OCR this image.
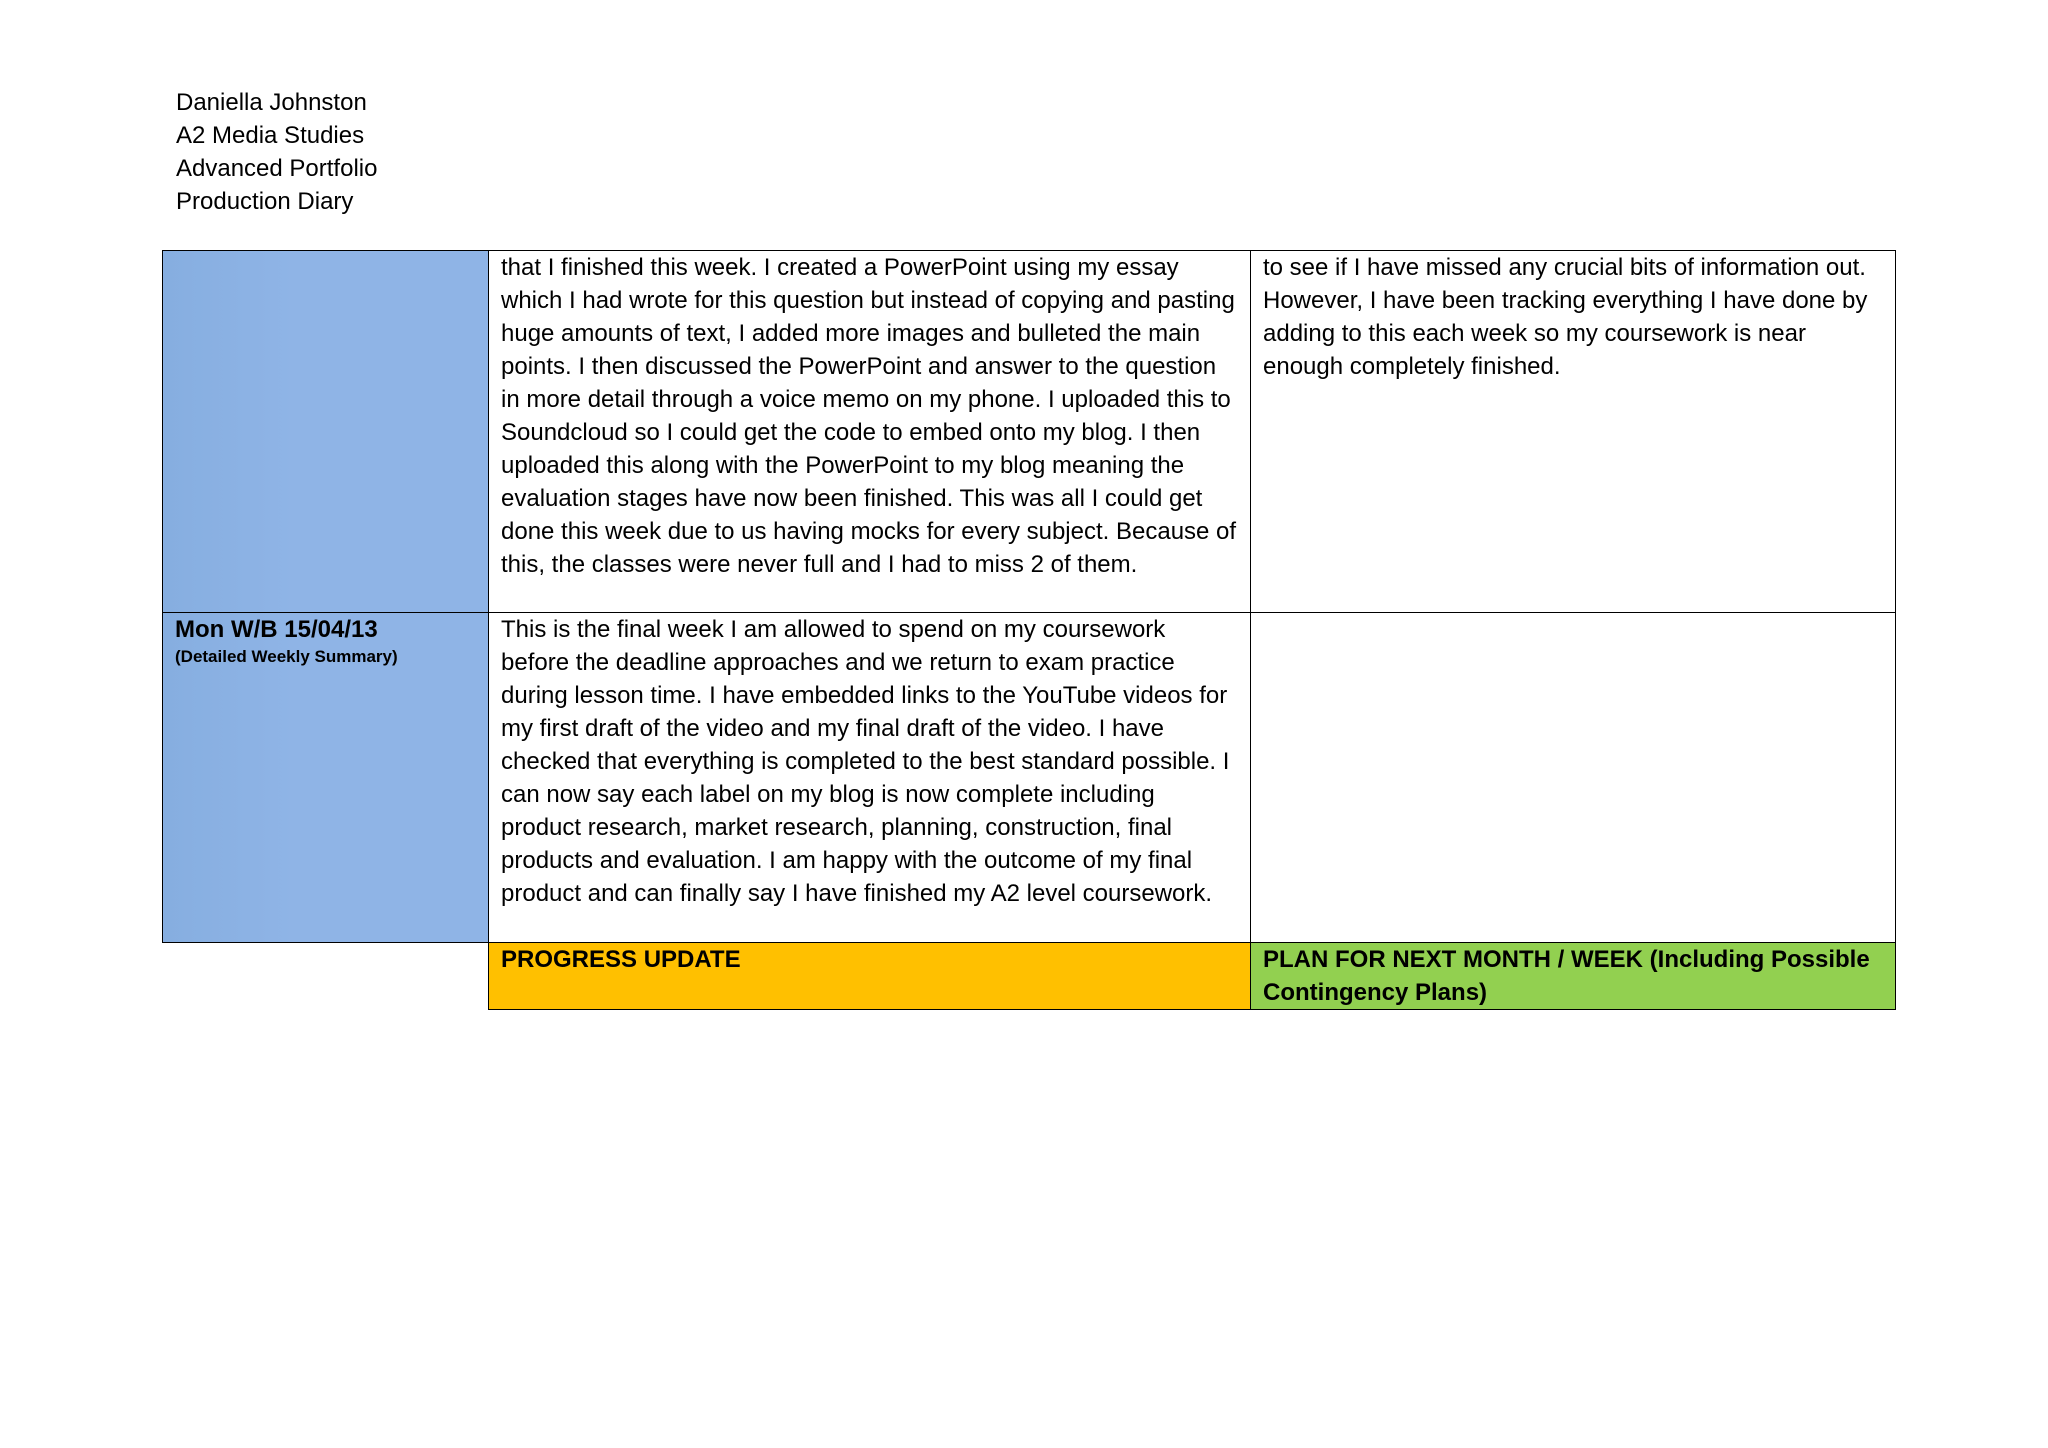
Daniella Johnston
A2 Media Studies
Advanced Portfolio
Production Diary

	that I finished this week. I created a PowerPoint using my essay which I had wrote for this question but instead of copying and pasting huge amounts of text, I added more images and bulleted the main points. I then discussed the PowerPoint and answer to the question in more detail through a voice memo on my phone. I uploaded this to Soundcloud so I could get the code to embed onto my blog. I then uploaded this along with the PowerPoint to my blog meaning the evaluation stages have now been finished. This was all I could get done this week due to us having mocks for every subject. Because of this, the classes were never full and I had to miss 2 of them.	to see if I have missed any crucial bits of information out. However, I have been tracking everything I have done by adding to this each week so my coursework is near enough completely finished.

Mon W/B 15/04/13
(Detailed Weekly Summary)	This is the final week I am allowed to spend on my coursework before the deadline approaches and we return to exam practice during lesson time. I have embedded links to the YouTube videos for my first draft of the video and my final draft of the video. I have checked that everything is completed to the best standard possible. I can now say each label on my blog is now complete including product research, market research, planning, construction, final products and evaluation. I am happy with the outcome of my final product and can finally say I have finished my A2 level coursework.	

	PROGRESS UPDATE	PLAN FOR NEXT MONTH / WEEK (Including Possible Contingency Plans)
